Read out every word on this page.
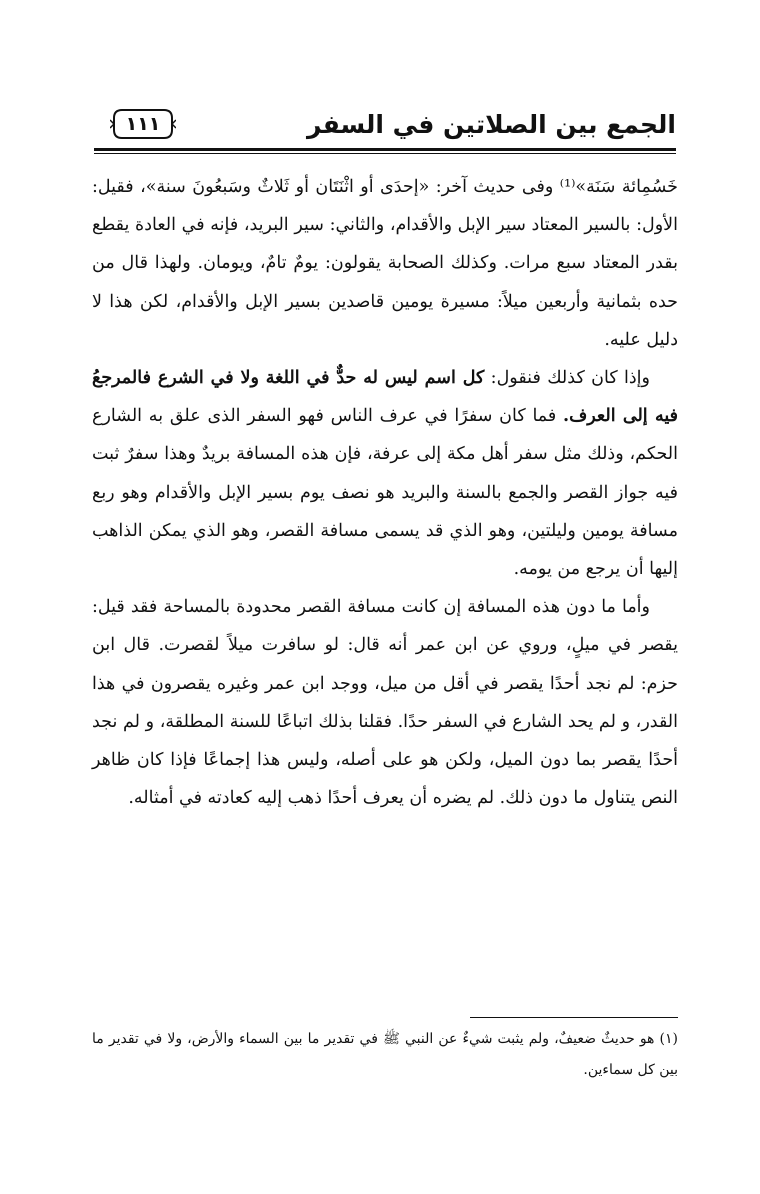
الجمع بين الصلاتين في السفر
١١١

خَسُمِائة سَنَة»⁽¹⁾ وفى حديث آخر: «إحدَى أو اثْنَتَان أو ثَلاثٌ وسَبعُونَ سنة»، فقيل: الأول: بالسير المعتاد سير الإبل والأقدام، والثاني: سير البريد، فإنه في العادة يقطع بقدر المعتاد سبع مرات. وكذلك الصحابة يقولون: يومٌ تامٌ، ويومان. ولهذا قال من حده بثمانية وأربعين ميلاً: مسيرة يومين قاصدين بسير الإبل والأقدام، لكن هذا لا دليل عليه.

وإذا كان كذلك فنقول: كل اسم ليس له حدٌّ في اللغة ولا في الشرع فالمرجعُ فيه إلى العرف. فما كان سفرًا في عرف الناس فهو السفر الذى علق به الشارع الحكم، وذلك مثل سفر أهل مكة إلى عرفة، فإن هذه المسافة بريدٌ وهذا سفرٌ ثبت فيه جواز القصر والجمع بالسنة والبريد هو نصف يوم بسير الإبل والأقدام وهو ربع مسافة يومين وليلتين، وهو الذي قد يسمى مسافة القصر، وهو الذي يمكن الذاهب إليها أن يرجع من يومه.

وأما ما دون هذه المسافة إن كانت مسافة القصر محدودة بالمساحة فقد قيل: يقصر في ميلٍ، وروي عن ابن عمر أنه قال: لو سافرت ميلاً لقصرت. قال ابن حزم: لم نجد أحدًا يقصر في أقل من ميل، ووجد ابن عمر وغيره يقصرون في هذا القدر، و لم يحد الشارع في السفر حدًا. فقلنا بذلك اتباعًا للسنة المطلقة، و لم نجد أحدًا يقصر بما دون الميل، ولكن هو على أصله، وليس هذا إجماعًا فإذا كان ظاهر النص يتناول ما دون ذلك. لم يضره أن يعرف أحدًا ذهب إليه كعادته في أمثاله.

(١) هو حديثٌ ضعيفٌ، ولم يثبت شيءٌ عن النبي ﷺ في تقدير ما بين السماء والأرض، ولا في تقدير ما بين كل سماءين.
